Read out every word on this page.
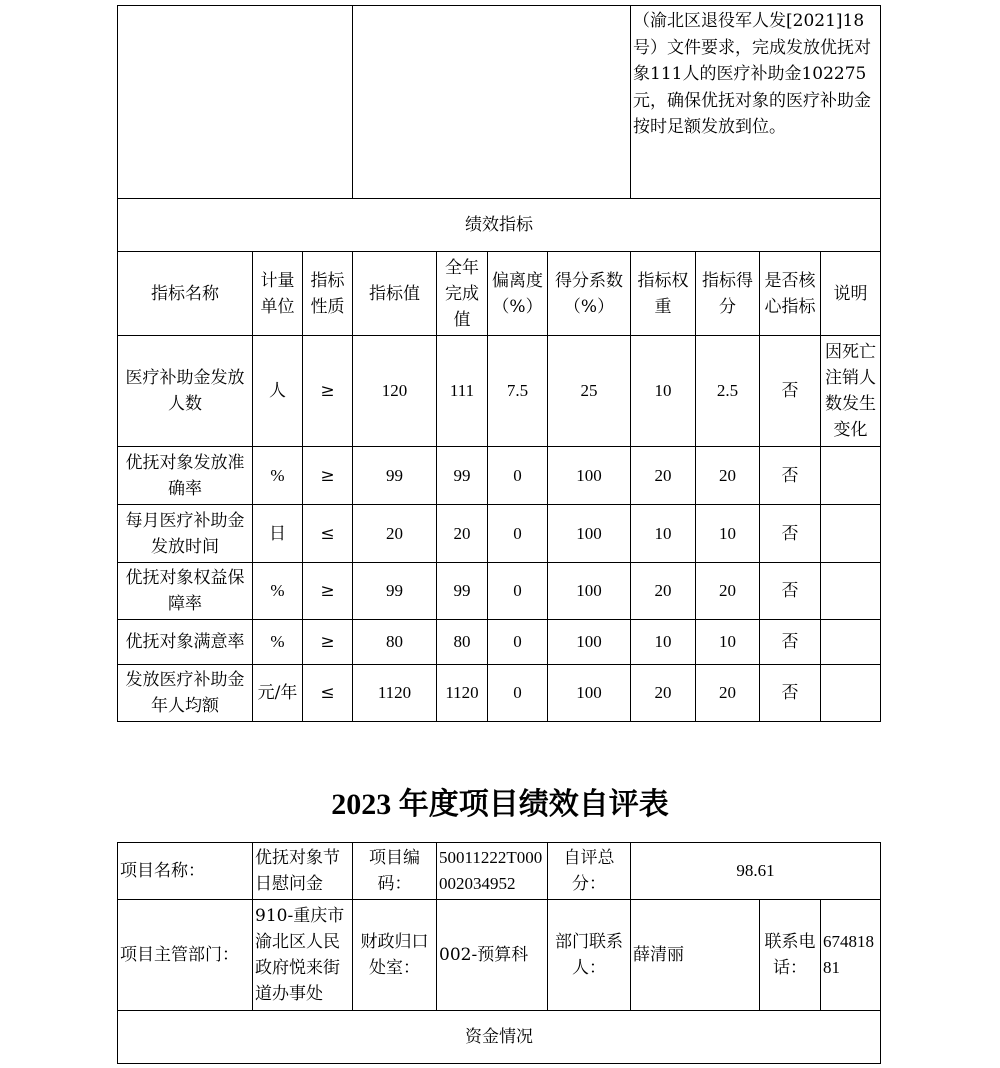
							（渝北区退役军人发[2021]18号）文件要求，完成发放优抚对象111人的医疗补助金102275元，确保优抚对象的医疗补助金按时足额发放到位。			

绩效指标										
指标名称	计量单位	指标性质	指标值	全年完成值	偏离度（%）	得分系数（%）	指标权重	指标得分	是否核心指标	说明
医疗补助金发放人数	人	≥	120	111	7.5	25	10	2.5	否	因死亡注销人数发生变化
优抚对象发放准确率	%	≥	99	99	0	100	20	20	否	
每月医疗补助金发放时间	日	≤	20	20	0	100	10	10	否	
优抚对象权益保障率	%	≥	99	99	0	100	20	20	否	
优抚对象满意率	%	≥	80	80	0	100	10	10	否	
发放医疗补助金年人均额	元/年	≤	1120	1120	0	100	20	20	否	
2023 年度项目绩效自评表
项目名称：	优抚对象节日慰问金	项目编码：	50011222T000002034952	自评总分：	98.61		
项目主管部门：	910-重庆市渝北区人民政府悦来街道办事处	财政归口处室：	002-预算科	部门联系人：	薛清丽	联系电话：	67481881
资金情况							
